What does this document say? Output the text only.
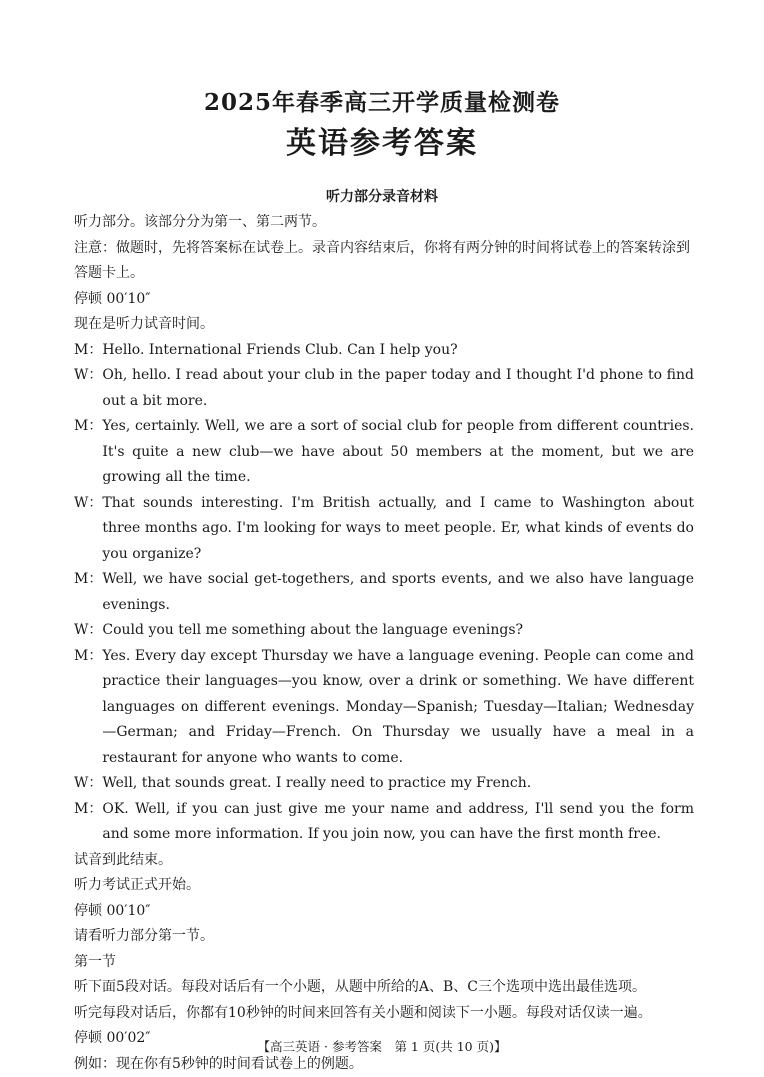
2025年春季高三开学质量检测卷
英语参考答案
听力部分录音材料
听力部分。该部分分为第一、第二两节。
注意：做题时，先将答案标在试卷上。录音内容结束后，你将有两分钟的时间将试卷上的答案转涂到答题卡上。
停顿 00′10″
现在是听力试音时间。
M： Hello. International Friends Club. Can I help you?
W： Oh, hello. I read about your club in the paper today and I thought I'd phone to find out a bit more.
M： Yes, certainly. Well, we are a sort of social club for people from different countries. It's quite a new club—we have about 50 members at the moment, but we are growing all the time.
W： That sounds interesting. I'm British actually, and I came to Washington about three months ago. I'm looking for ways to meet people. Er, what kinds of events do you organize?
M： Well, we have social get-togethers, and sports events, and we also have language evenings.
W： Could you tell me something about the language evenings?
M： Yes. Every day except Thursday we have a language evening. People can come and practice their languages—you know, over a drink or something. We have different languages on different evenings. Monday—Spanish; Tuesday—Italian; Wednesday—German; and Friday—French. On Thursday we usually have a meal in a restaurant for anyone who wants to come.
W： Well, that sounds great. I really need to practice my French.
M： OK. Well, if you can just give me your name and address, I'll send you the form and some more information. If you join now, you can have the first month free.
试音到此结束。
听力考试正式开始。
停顿 00′10″
请看听力部分第一节。
第一节
听下面5段对话。每段对话后有一个小题，从题中所给的A、B、C三个选项中选出最佳选项。
听完每段对话后，你都有10秒钟的时间来回答有关小题和阅读下一小题。每段对话仅读一遍。
停顿 00′02″
例如：现在你有5秒钟的时间看试卷上的例题。
【高三英语 · 参考答案　第 1 页(共 10 页)】
